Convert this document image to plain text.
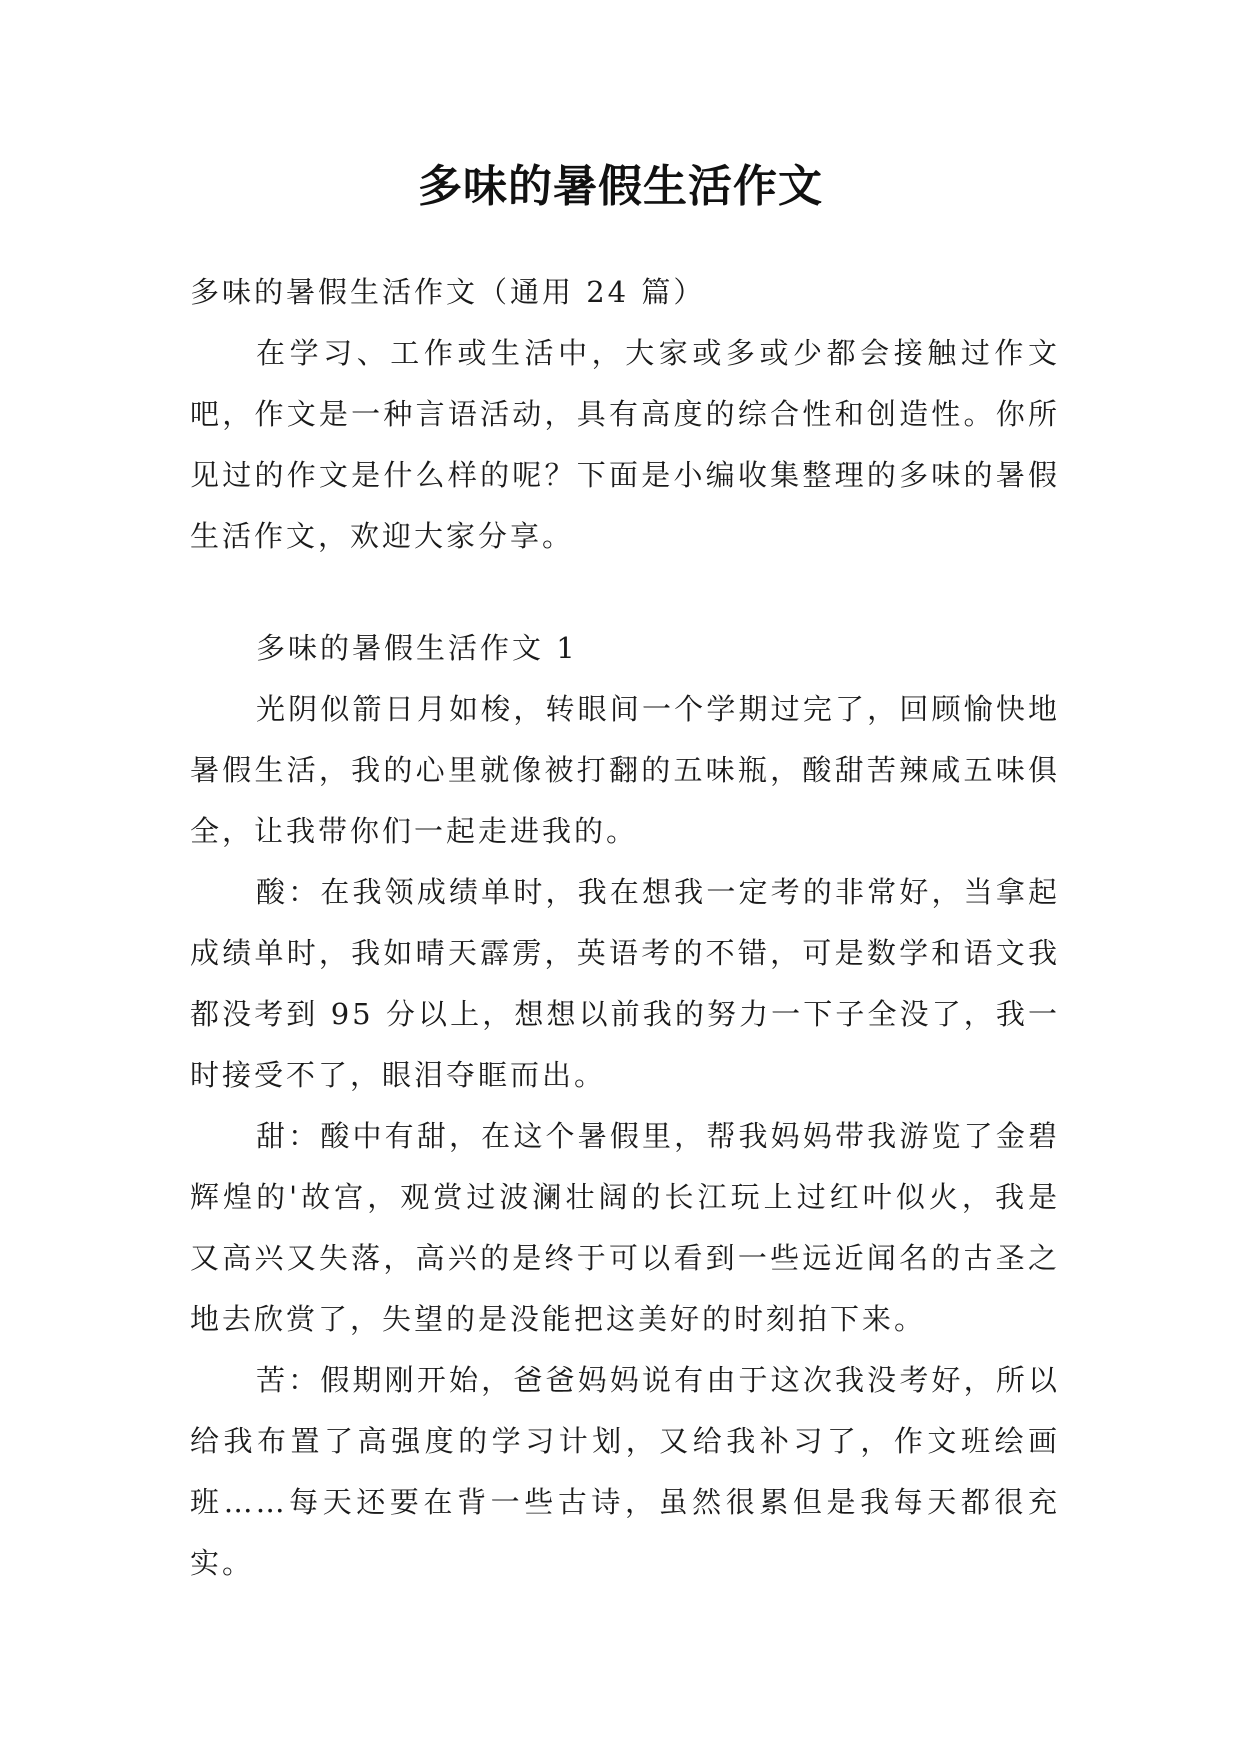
多味的暑假生活作文

多味的暑假生活作文（通用 24 篇）

在学习、工作或生活中，大家或多或少都会接触过作文吧，作文是一种言语活动，具有高度的综合性和创造性。你所见过的作文是什么样的呢？下面是小编收集整理的多味的暑假生活作文，欢迎大家分享。

多味的暑假生活作文 1

光阴似箭日月如梭，转眼间一个学期过完了，回顾愉快地暑假生活，我的心里就像被打翻的五味瓶，酸甜苦辣咸五味俱全，让我带你们一起走进我的。

酸：在我领成绩单时，我在想我一定考的非常好，当拿起成绩单时，我如晴天霹雳，英语考的不错，可是数学和语文我都没考到 95 分以上，想想以前我的努力一下子全没了，我一时接受不了，眼泪夺眶而出。

甜：酸中有甜，在这个暑假里，帮我妈妈带我游览了金碧辉煌的'故宫，观赏过波澜壮阔的长江玩上过红叶似火，我是又高兴又失落，高兴的是终于可以看到一些远近闻名的古圣之地去欣赏了，失望的是没能把这美好的时刻拍下来。

苦：假期刚开始，爸爸妈妈说有由于这次我没考好，所以给我布置了高强度的学习计划，又给我补习了，作文班绘画班……每天还要在背一些古诗，虽然很累但是我每天都很充实。
